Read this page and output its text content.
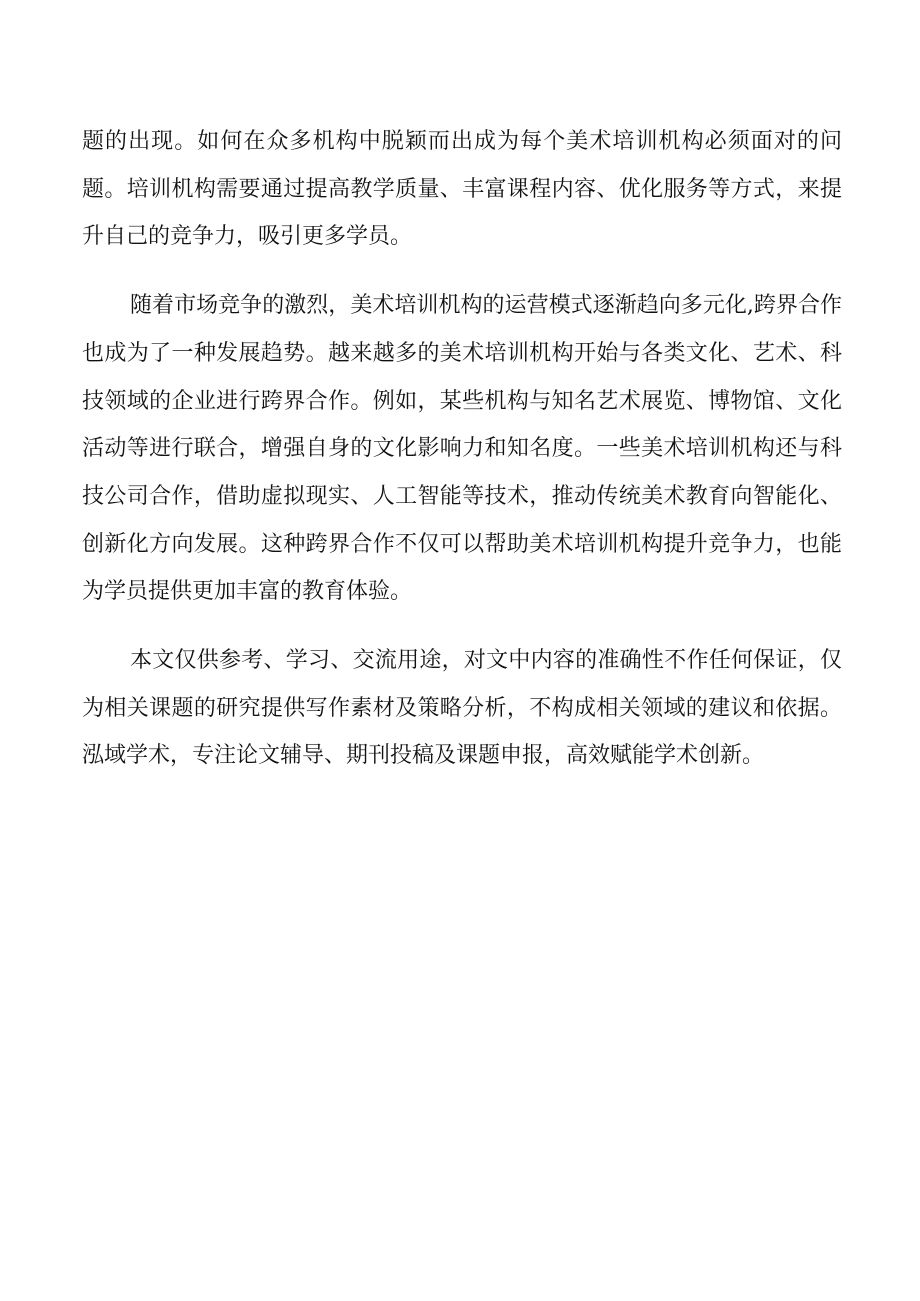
题的出现。如何在众多机构中脱颖而出成为每个美术培训机构必须面对的问题。培训机构需要通过提高教学质量、丰富课程内容、优化服务等方式，来提升自己的竞争力，吸引更多学员。

随着市场竞争的激烈，美术培训机构的运营模式逐渐趋向多元化,跨界合作也成为了一种发展趋势。越来越多的美术培训机构开始与各类文化、艺术、科技领域的企业进行跨界合作。例如，某些机构与知名艺术展览、博物馆、文化活动等进行联合，增强自身的文化影响力和知名度。一些美术培训机构还与科技公司合作，借助虚拟现实、人工智能等技术，推动传统美术教育向智能化、创新化方向发展。这种跨界合作不仅可以帮助美术培训机构提升竞争力，也能为学员提供更加丰富的教育体验。

本文仅供参考、学习、交流用途，对文中内容的准确性不作任何保证，仅为相关课题的研究提供写作素材及策略分析，不构成相关领域的建议和依据。泓域学术，专注论文辅导、期刊投稿及课题申报，高效赋能学术创新。
